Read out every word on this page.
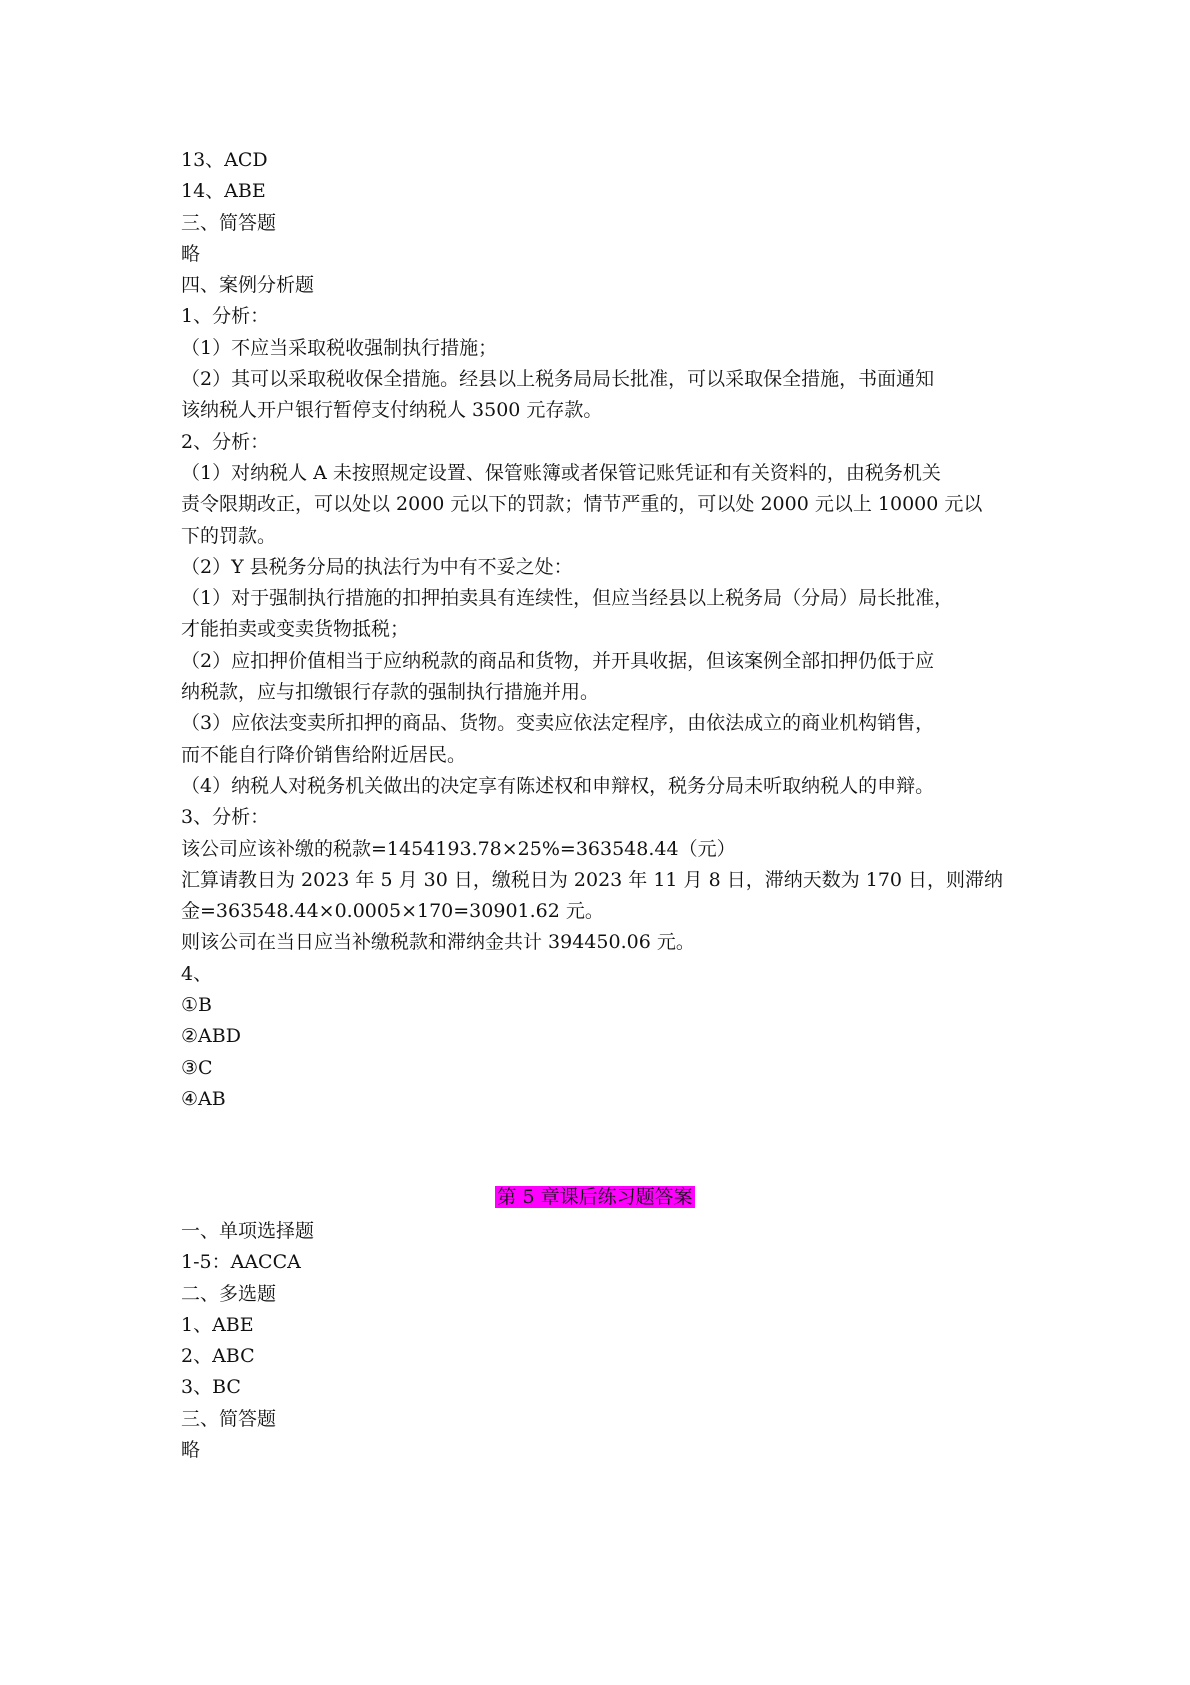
13、ACD
14、ABE
三、简答题
略
四、案例分析题
1、分析：
（1）不应当采取税收强制执行措施；
（2）其可以采取税收保全措施。经县以上税务局局长批准，可以采取保全措施，书面通知
该纳税人开户银行暂停支付纳税人 3500 元存款。
2、分析：
（1）对纳税人 A 未按照规定设置、保管账簿或者保管记账凭证和有关资料的，由税务机关
责令限期改正，可以处以 2000 元以下的罚款；情节严重的，可以处 2000 元以上 10000 元以
下的罚款。
（2）Y 县税务分局的执法行为中有不妥之处：
（1）对于强制执行措施的扣押拍卖具有连续性，但应当经县以上税务局（分局）局长批准，
才能拍卖或变卖货物抵税；
（2）应扣押价值相当于应纳税款的商品和货物，并开具收据，但该案例全部扣押仍低于应
纳税款，应与扣缴银行存款的强制执行措施并用。
（3）应依法变卖所扣押的商品、货物。变卖应依法定程序，由依法成立的商业机构销售，
而不能自行降价销售给附近居民。
（4）纳税人对税务机关做出的决定享有陈述权和申辩权，税务分局未听取纳税人的申辩。
3、分析：
该公司应该补缴的税款=1454193.78×25%=363548.44（元）
汇算请教日为 2023 年 5 月 30 日，缴税日为 2023 年 11 月 8 日，滞纳天数为 170 日，则滞纳
金=363548.44×0.0005×170=30901.62 元。
则该公司在当日应当补缴税款和滞纳金共计 394450.06 元。
4、
①B
②ABD
③C
④AB
第 5 章课后练习题答案
一、单项选择题
1-5：AACCA
二、多选题
1、ABE
2、ABC
3、BC
三、简答题
略
